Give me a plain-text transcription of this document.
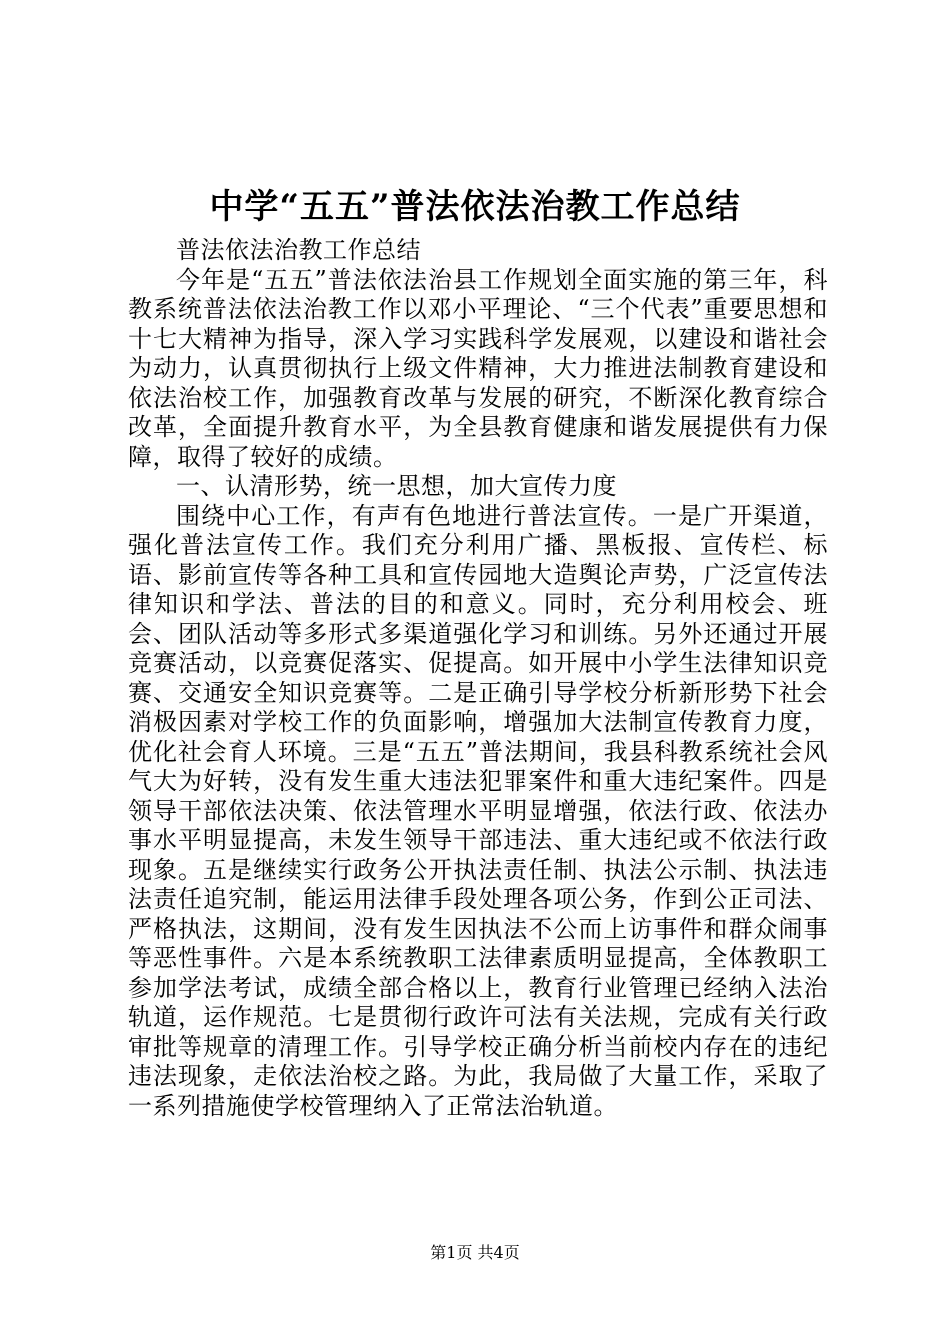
中学“五五”普法依法治教工作总结

普法依法治教工作总结

今年是“五五”普法依法治县工作规划全面实施的第三年，科教系统普法依法治教工作以邓小平理论、“三个代表”重要思想和十七大精神为指导，深入学习实践科学发展观，以建设和谐社会为动力，认真贯彻执行上级文件精神，大力推进法制教育建设和依法治校工作，加强教育改革与发展的研究，不断深化教育综合改革，全面提升教育水平，为全县教育健康和谐发展提供有力保障，取得了较好的成绩。

一、认清形势，统一思想，加大宣传力度

围绕中心工作，有声有色地进行普法宣传。一是广开渠道，强化普法宣传工作。我们充分利用广播、黑板报、宣传栏、标语、影前宣传等各种工具和宣传园地大造舆论声势，广泛宣传法律知识和学法、普法的目的和意义。同时，充分利用校会、班会、团队活动等多形式多渠道强化学习和训练。另外还通过开展竞赛活动，以竞赛促落实、促提高。如开展中小学生法律知识竞赛、交通安全知识竞赛等。二是正确引导学校分析新形势下社会消极因素对学校工作的负面影响，增强加大法制宣传教育力度，优化社会育人环境。三是“五五”普法期间，我县科教系统社会风气大为好转，没有发生重大违法犯罪案件和重大违纪案件。四是领导干部依法决策、依法管理水平明显增强，依法行政、依法办事水平明显提高，未发生领导干部违法、重大违纪或不依法行政现象。五是继续实行政务公开执法责任制、执法公示制、执法违法责任追究制，能运用法律手段处理各项公务，作到公正司法、严格执法，这期间，没有发生因执法不公而上访事件和群众闹事等恶性事件。六是本系统教职工法律素质明显提高，全体教职工参加学法考试，成绩全部合格以上，教育行业管理已经纳入法治轨道，运作规范。七是贯彻行政许可法有关法规，完成有关行政审批等规章的清理工作。引导学校正确分析当前校内存在的违纪违法现象，走依法治校之路。为此，我局做了大量工作，采取了一系列措施使学校管理纳入了正常法治轨道。

第1页 共4页
